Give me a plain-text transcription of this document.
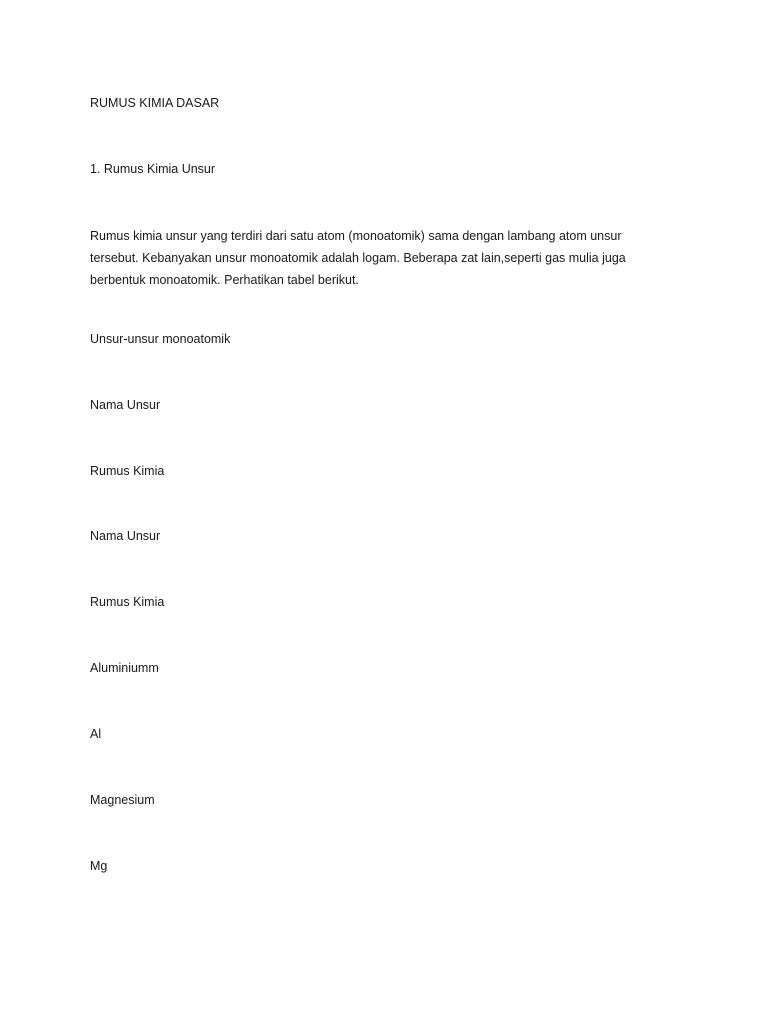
RUMUS KIMIA DASAR

1. Rumus Kimia Unsur

Rumus kimia unsur yang terdiri dari satu atom (monoatomik) sama dengan lambang atom unsur
tersebut. Kebanyakan unsur monoatomik adalah logam. Beberapa zat lain,seperti gas mulia juga
berbentuk monoatomik. Perhatikan tabel berikut.

Unsur-unsur monoatomik

Nama Unsur

Rumus Kimia

Nama Unsur

Rumus Kimia

Aluminiumm

Al

Magnesium

Mg
